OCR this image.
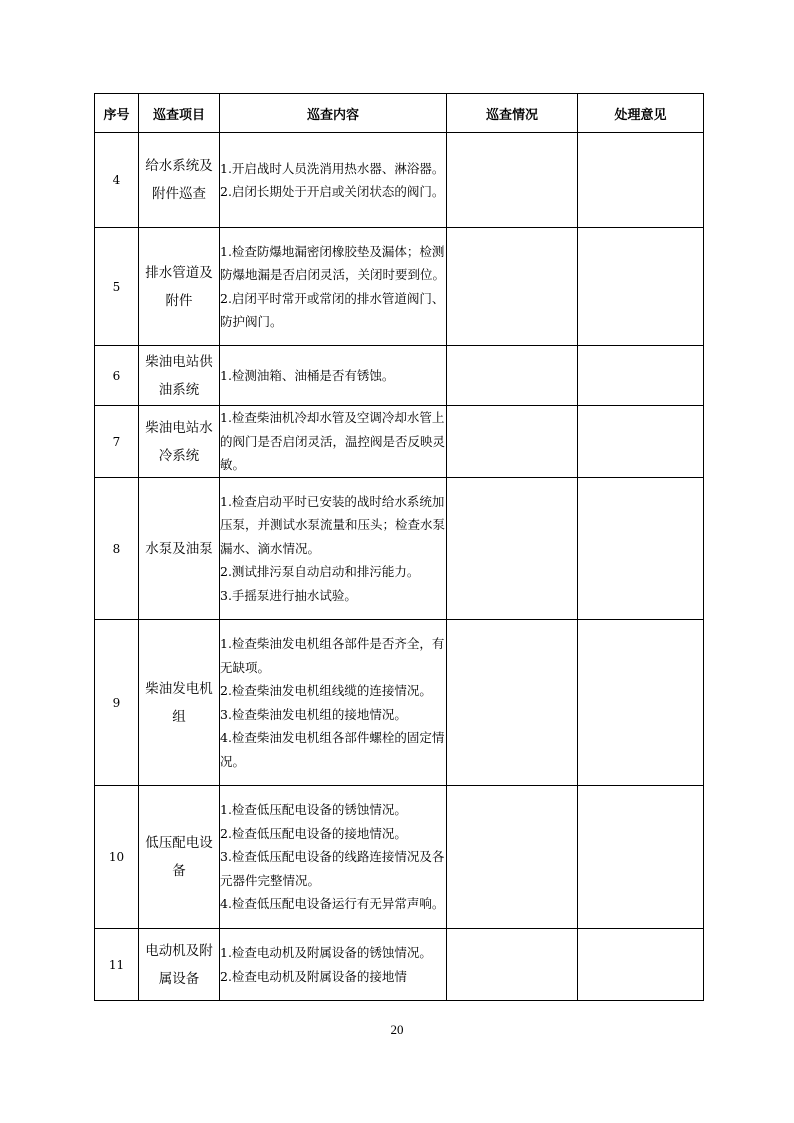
序号	巡查项目	巡查内容	巡查情况	处理意见
4	给水系统及附件巡查	1.开启战时人员洗消用热水器、淋浴器。
2.启闭长期处于开启或关闭状态的阀门。		

5	排水管道及附件	1.检查防爆地漏密闭橡胶垫及漏体；检测防爆地漏是否启闭灵活，关闭时要到位。
2.启闭平时常开或常闭的排水管道阀门、防护阀门。		

6	柴油电站供油系统	1.检测油箱、油桶是否有锈蚀。		

7	柴油电站水冷系统	1.检查柴油机冷却水管及空调冷却水管上的阀门是否启闭灵活，温控阀是否反映灵敏。		

8	水泵及油泵	1.检查启动平时已安装的战时给水系统加压泵，并测试水泵流量和压头；检查水泵漏水、滴水情况。
2.测试排污泵自动启动和排污能力。
3.手摇泵进行抽水试验。		

9	柴油发电机组	1.检查柴油发电机组各部件是否齐全，有无缺项。
2.检查柴油发电机组线缆的连接情况。
3.检查柴油发电机组的接地情况。
4.检查柴油发电机组各部件螺栓的固定情况。		

10	低压配电设备	1.检查低压配电设备的锈蚀情况。
2.检查低压配电设备的接地情况。
3.检查低压配电设备的线路连接情况及各元器件完整情况。
4.检查低压配电设备运行有无异常声响。		

11	电动机及附属设备	1.检查电动机及附属设备的锈蚀情况。
2.检查电动机及附属设备的接地情		

20
